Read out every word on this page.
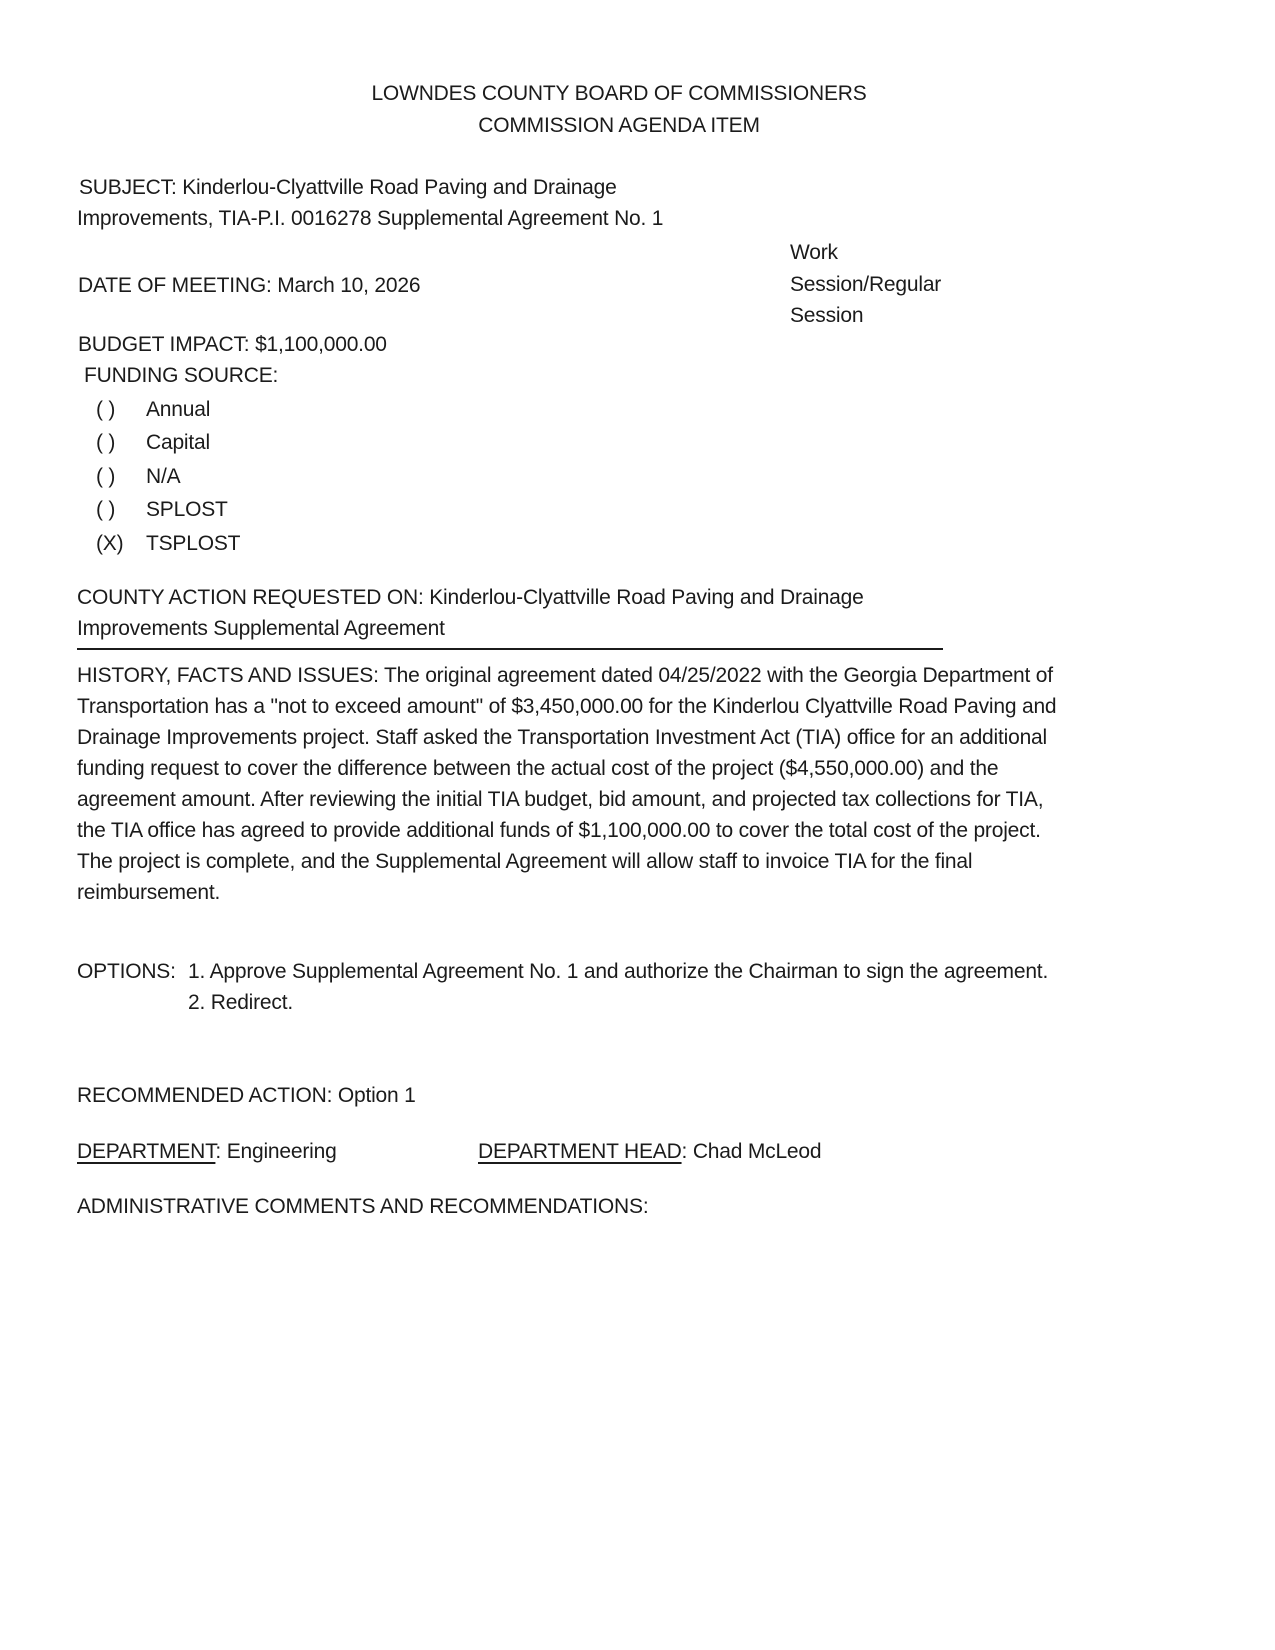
LOWNDES COUNTY BOARD OF COMMISSIONERS
COMMISSION AGENDA ITEM
SUBJECT: Kinderlou-Clyattville Road Paving and Drainage
Improvements, TIA-P.I. 0016278 Supplemental Agreement No. 1
Work
Session/Regular
Session
DATE OF MEETING: March 10, 2026
BUDGET IMPACT: $1,100,000.00
FUNDING SOURCE:
( ) Annual
( ) Capital
( ) N/A
( ) SPLOST
(X) TSPLOST
COUNTY ACTION REQUESTED ON: Kinderlou-Clyattville Road Paving and Drainage
Improvements Supplemental Agreement
HISTORY, FACTS AND ISSUES: The original agreement dated 04/25/2022 with the Georgia Department of
Transportation has a "not to exceed amount" of $3,450,000.00 for the Kinderlou Clyattville Road Paving and
Drainage Improvements project. Staff asked the Transportation Investment Act (TIA) office for an additional
funding request to cover the difference between the actual cost of the project ($4,550,000.00) and the
agreement amount. After reviewing the initial TIA budget, bid amount, and projected tax collections for TIA,
the TIA office has agreed to provide additional funds of $1,100,000.00 to cover the total cost of the project.
The project is complete, and the Supplemental Agreement will allow staff to invoice TIA for the final
reimbursement.
OPTIONS: 1. Approve Supplemental Agreement No. 1 and authorize the Chairman to sign the agreement.
2. Redirect.
RECOMMENDED ACTION: Option 1
DEPARTMENT: Engineering	DEPARTMENT HEAD: Chad McLeod
ADMINISTRATIVE COMMENTS AND RECOMMENDATIONS:
